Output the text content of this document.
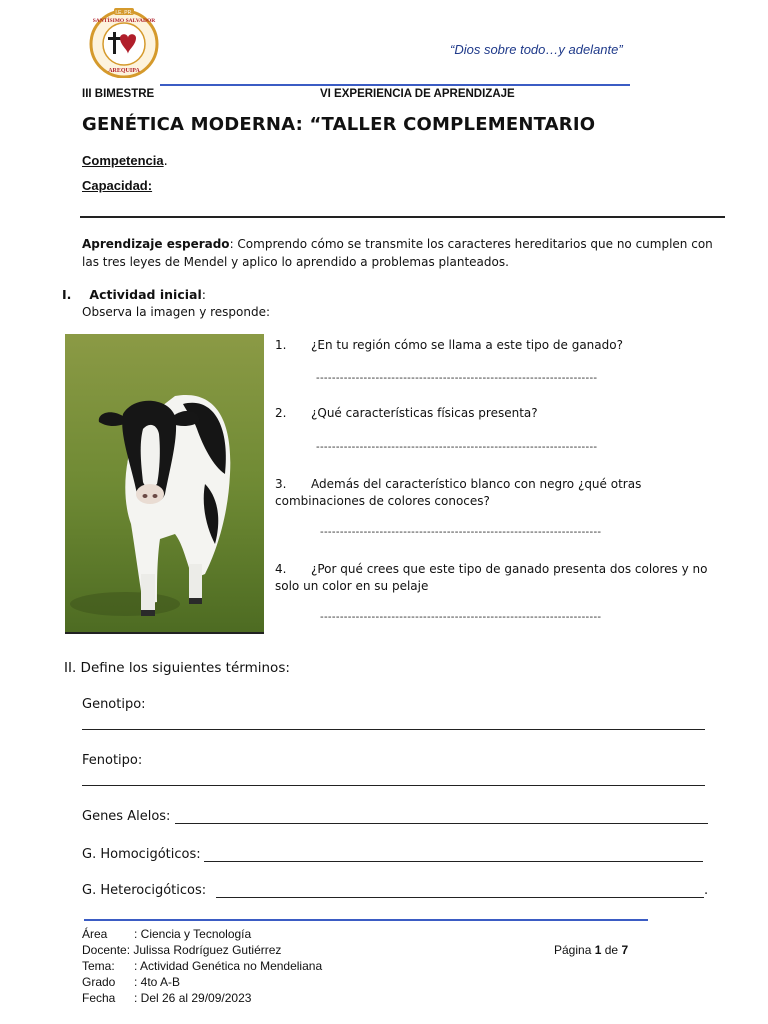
I.E. PR.
SANTÍSIMO SALVADOR
AREQUIPA
“Dios sobre todo…y adelante”
III BIMESTRE	VI EXPERIENCIA DE APRENDIZAJE
GENÉTICA MODERNA: “TALLER COMPLEMENTARIO
Competencia.
Capacidad:
Aprendizaje esperado: Comprendo cómo se transmite los caracteres hereditarios que no cumplen con las tres leyes de Mendel y aplico lo aprendido a problemas planteados.
I. Actividad inicial:
Observa la imagen y responde:
1. ¿En tu región cómo se llama a este tipo de ganado?
-----------------------------------------------------------------------
2. ¿Qué características físicas presenta?
-----------------------------------------------------------------------
3. Además del característico blanco con negro ¿qué otras combinaciones de colores conoces?
-----------------------------------------------------------------------
4. ¿Por qué crees que este tipo de ganado presenta dos colores y no solo un color en su pelaje
-----------------------------------------------------------------------
II. Define los siguientes términos:
Genotipo:
Fenotipo:
Genes Alelos:
G. Homocigóticos:
G. Heterocigóticos:	.
Área : Ciencia y Tecnología
Docente: Julissa Rodríguez Gutiérrez
Tema: : Actividad Genética no Mendeliana
Grado : 4to A-B
Fecha : Del 26 al 29/09/2023
Página 1 de 7
